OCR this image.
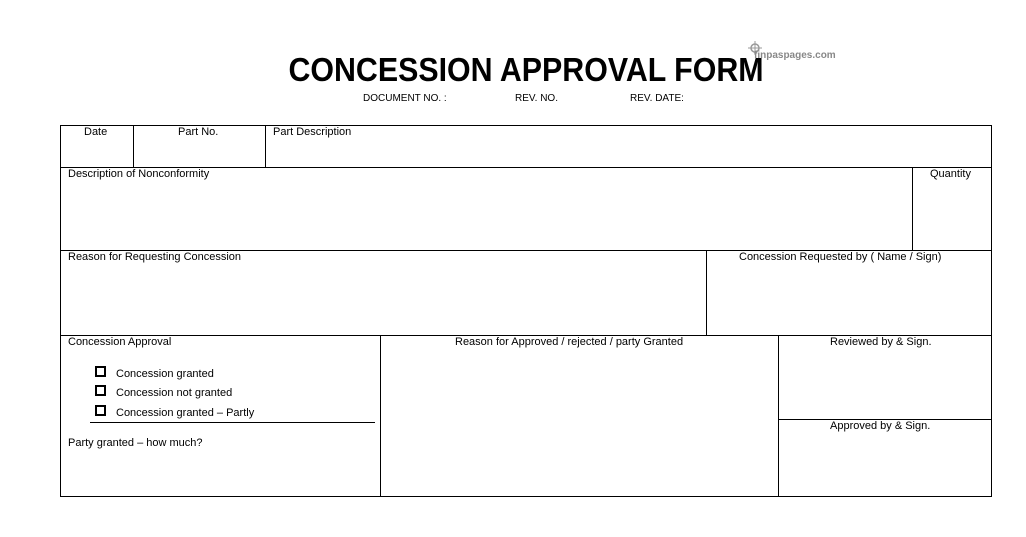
CONCESSION APPROVAL FORM
finpaspages.com
DOCUMENT NO. :	REV. NO.	REV. DATE:
Date	Part No.	Part Description
Description of Nonconformity	Quantity
Reason for Requesting Concession	Concession Requested by ( Name / Sign)
Concession Approval
Concession granted
Concession not granted
Concession granted – Partly
Party granted – how much?
Reason for Approved / rejected / party Granted	Reviewed by & Sign.
Approved by & Sign.
